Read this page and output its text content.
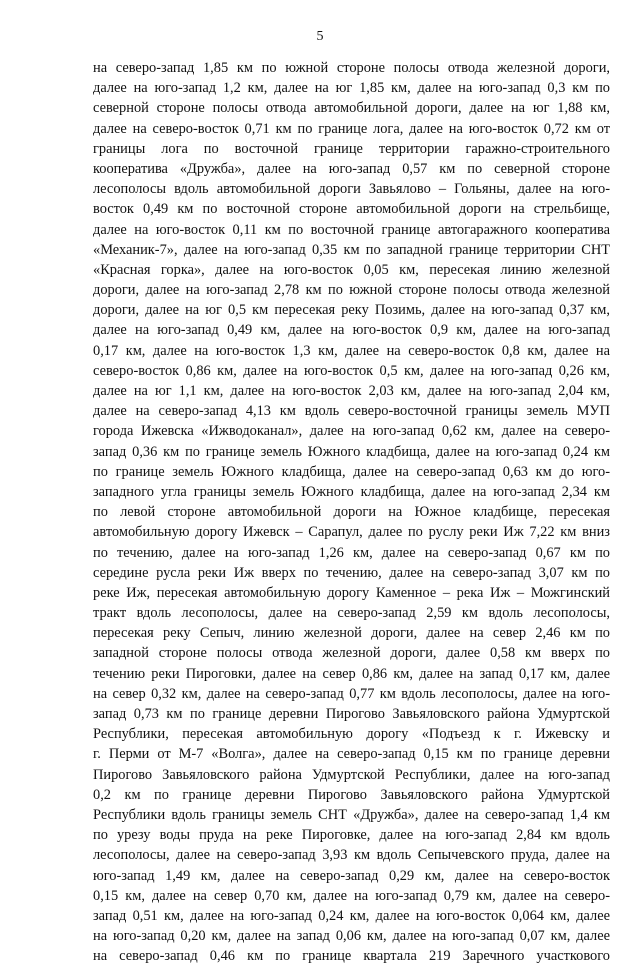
5
на северо-запад 1,85 км по южной стороне полосы отвода железной дороги,
далее на юго-запад 1,2 км, далее на юг 1,85 км, далее на юго-запад 0,3 км по
северной стороне полосы отвода автомобильной дороги, далее на юг 1,88 км,
далее на северо-восток 0,71 км по границе лога, далее на юго-восток 0,72 км от
границы лога по восточной границе территории гаражно-строительного
кооператива «Дружба», далее на юго-запад 0,57 км по северной стороне
лесополосы вдоль автомобильной дороги Завьялово – Гольяны, далее на юго-
восток 0,49 км по восточной стороне автомобильной дороги на стрельбище,
далее на юго-восток 0,11 км по восточной границе автогаражного кооператива
«Механик-7», далее на юго-запад 0,35 км по западной границе территории СНТ
«Красная горка», далее на юго-восток 0,05 км, пересекая линию железной
дороги, далее на юго-запад 2,78 км по южной стороне полосы отвода железной
дороги, далее на юг 0,5 км пересекая реку Позимь, далее на юго-запад 0,37 км,
далее на юго-запад 0,49 км, далее на юго-восток 0,9 км, далее на юго-запад
0,17 км, далее на юго-восток 1,3 км, далее на северо-восток 0,8 км, далее на
северо-восток 0,86 км, далее на юго-восток 0,5 км, далее на юго-запад 0,26 км,
далее на юг 1,1 км, далее на юго-восток 2,03 км, далее на юго-запад 2,04 км,
далее на северо-запад 4,13 км вдоль северо-восточной границы земель МУП
города Ижевска «Ижводоканал», далее на юго-запад 0,62 км, далее на северо-
запад 0,36 км по границе земель Южного кладбища, далее на юго-запад 0,24 км
по границе земель Южного кладбища, далее на северо-запад 0,63 км до юго-
западного угла границы земель Южного кладбища, далее на юго-запад 2,34 км
по левой стороне автомобильной дороги на Южное кладбище, пересекая
автомобильную дорогу Ижевск – Сарапул, далее по руслу реки Иж 7,22 км вниз
по течению, далее на юго-запад 1,26 км, далее на северо-запад 0,67 км по
середине русла реки Иж вверх по течению, далее на северо-запад 3,07 км по
реке Иж, пересекая автомобильную дорогу Каменное – река Иж – Можгинский
тракт вдоль лесополосы, далее на северо-запад 2,59 км вдоль лесополосы,
пересекая реку Сепыч, линию железной дороги, далее на север 2,46 км по
западной стороне полосы отвода железной дороги, далее 0,58 км вверх по
течению реки Пироговки, далее на север 0,86 км, далее на запад 0,17 км, далее
на север 0,32 км, далее на северо-запад 0,77 км вдоль лесополосы, далее на юго-
запад 0,73 км по границе деревни Пирогово Завьяловского района Удмуртской
Республики, пересекая автомобильную дорогу «Подъезд к г. Ижевску и
г. Перми от М-7 «Волга», далее на северо-запад 0,15 км по границе деревни
Пирогово Завьяловского района Удмуртской Республики, далее на юго-запад
0,2 км по границе деревни Пирогово Завьяловского района Удмуртской
Республики вдоль границы земель СНТ «Дружба», далее на северо-запад 1,4 км
по урезу воды пруда на реке Пироговке, далее на юго-запад 2,84 км вдоль
лесополосы, далее на северо-запад 3,93 км вдоль Сепычевского пруда, далее на
юго-запад 1,49 км, далее на северо-запад 0,29 км, далее на северо-восток
0,15 км, далее на север 0,70 км, далее на юго-запад 0,79 км, далее на северо-
запад 0,51 км, далее на юго-запад 0,24 км, далее на юго-восток 0,064 км, далее
на юго-запад 0,20 км, далее на запад 0,06 км, далее на юго-запад 0,07 км, далее
на северо-запад 0,46 км по границе квартала 219 Заречного участкового
